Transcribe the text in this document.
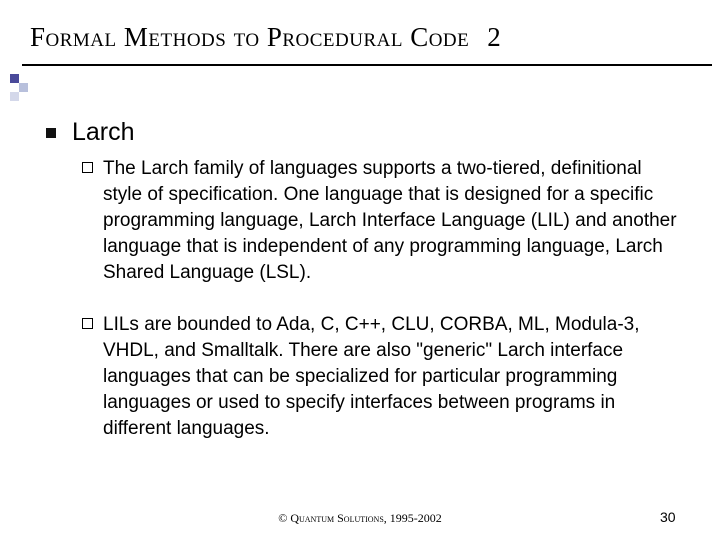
Formal Methods to Procedural Code 2
Larch
The Larch family of languages supports a two-tiered, definitional style of specification. One language that is designed for a specific programming language, Larch Interface Language (LIL) and another language that is independent of any programming language, Larch Shared Language (LSL).
LILs are bounded to Ada, C, C++, CLU, CORBA, ML, Modula-3, VHDL, and Smalltalk. There are also "generic" Larch interface languages that can be specialized for particular programming languages or used to specify interfaces between programs in different languages.
© Quantum Solutions, 1995-2002	30
